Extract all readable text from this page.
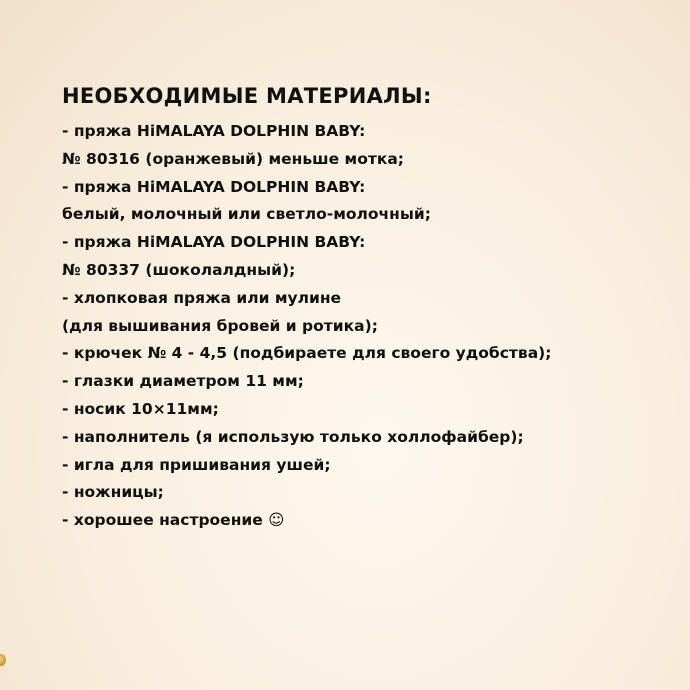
НЕОБХОДИМЫЕ МАТЕРИАЛЫ:
- пряжа HiMALAYA DOLPHIN BABY:
№ 80316 (оранжевый) меньше мотка;
- пряжа HiMALAYA DOLPHIN BABY:
белый, молочный или светло-молочный;
- пряжа HiMALAYA DOLPHIN BABY:
№ 80337 (шоколалдный);
- хлопковая пряжа или мулине
(для вышивания бровей и ротика);
- крючек № 4 - 4,5 (подбираете для своего удобства);
- глазки диаметром 11 мм;
- носик 10×11мм;
- наполнитель (я использую только холлофайбер);
- игла для пришивания ушей;
- ножницы;
- хорошее настроение ☺
